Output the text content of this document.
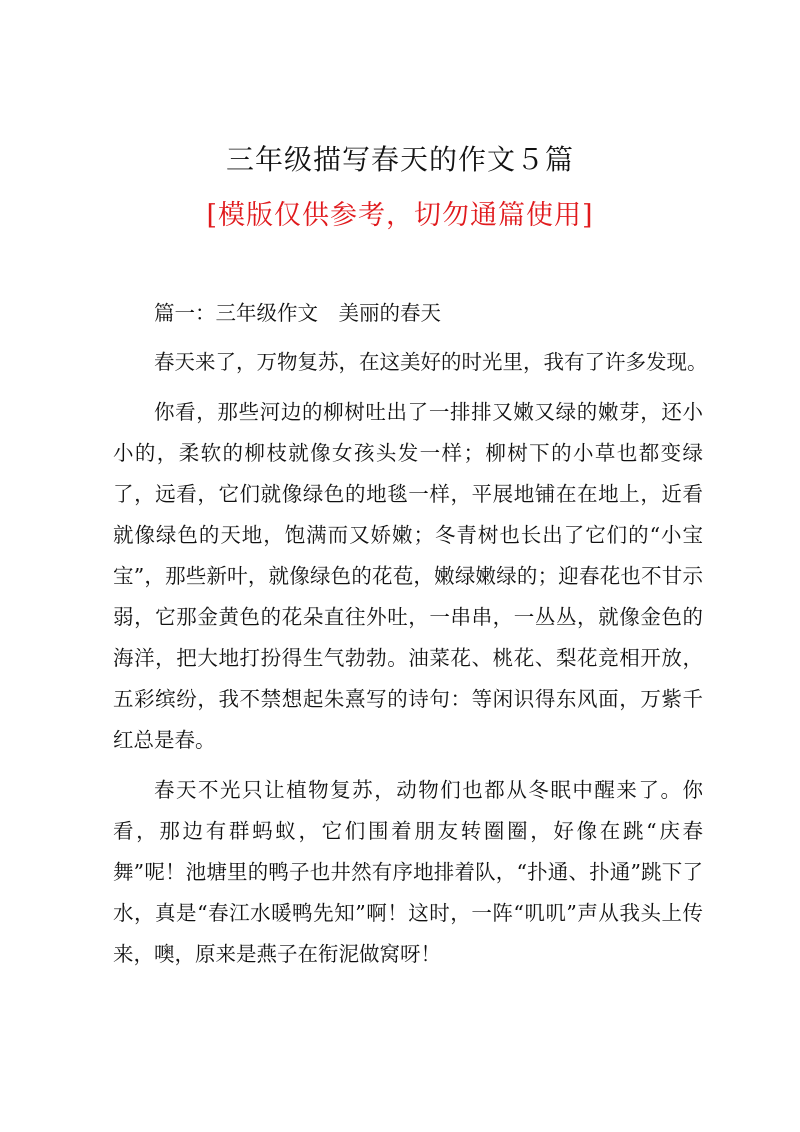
三年级描写春天的作文５篇
[模版仅供参考，切勿通篇使用]

篇一：三年级作文　美丽的春天

春天来了，万物复苏，在这美好的时光里，我有了许多发现。

你看，那些河边的柳树吐出了一排排又嫩又绿的嫩芽，还小小的，柔软的柳枝就像女孩头发一样；柳树下的小草也都变绿了，远看，它们就像绿色的地毯一样，平展地铺在在地上，近看就像绿色的天地，饱满而又娇嫩；冬青树也长出了它们的“小宝宝”，那些新叶，就像绿色的花苞，嫩绿嫩绿的；迎春花也不甘示弱，它那金黄色的花朵直往外吐，一串串，一丛丛，就像金色的海洋，把大地打扮得生气勃勃。油菜花、桃花、梨花竞相开放，五彩缤纷，我不禁想起朱熹写的诗句：等闲识得东风面，万紫千红总是春。

春天不光只让植物复苏，动物们也都从冬眠中醒来了。你看，那边有群蚂蚁，它们围着朋友转圈圈，好像在跳“庆春舞”呢！池塘里的鸭子也井然有序地排着队，“扑通、扑通”跳下了水，真是“春江水暖鸭先知”啊！这时，一阵“叽叽”声从我头上传来，噢，原来是燕子在衔泥做窝呀！
